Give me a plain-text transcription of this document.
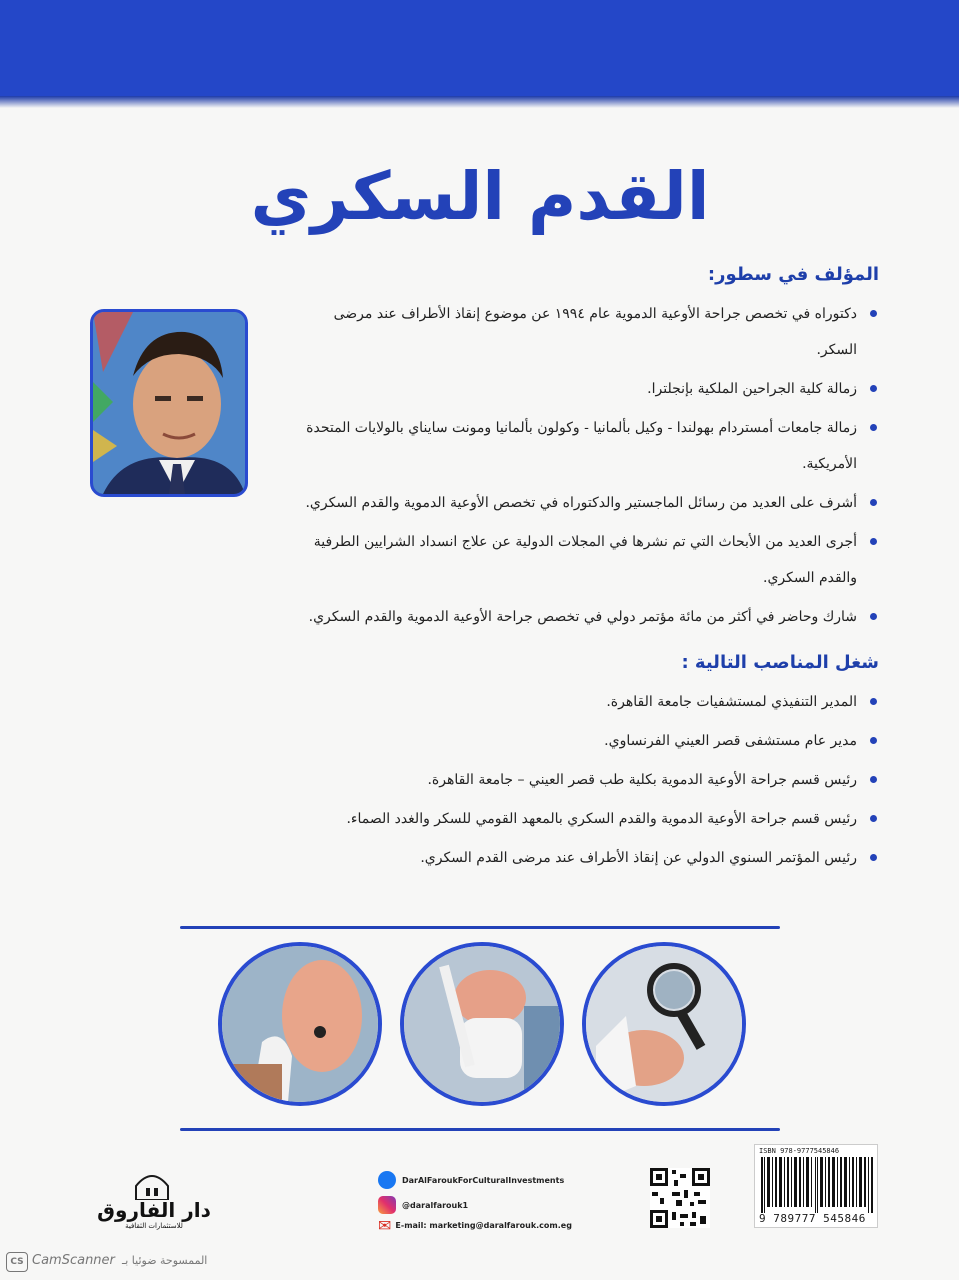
القدم السكري
المؤلف في سطور:
دكتوراه في تخصص جراحة الأوعية الدموية عام ١٩٩٤ عن موضوع إنقاذ الأطراف عند مرضى السكر.
زمالة كلية الجراحين الملكية بإنجلترا.
زمالة جامعات أمستردام بهولندا - وكيل بألمانيا - وكولون بألمانيا ومونت سايناي بالولايات المتحدة الأمريكية.
أشرف على العديد من رسائل الماجستير والدكتوراه في تخصص الأوعية الدموية والقدم السكري.
أجرى العديد من الأبحاث التي تم نشرها في المجلات الدولية عن علاج انسداد الشرايين الطرفية والقدم السكري.
شارك وحاضر في أكثر من مائة مؤتمر دولي في تخصص جراحة الأوعية الدموية والقدم السكري.
شغل المناصب التالية :
المدير التنفيذي لمستشفيات جامعة القاهرة.
مدير عام مستشفى قصر العيني الفرنساوي.
رئيس قسم جراحة الأوعية الدموية بكلية طب قصر العيني – جامعة القاهرة.
رئيس قسم جراحة الأوعية الدموية والقدم السكري بالمعهد القومي للسكر والغدد الصماء.
رئيس المؤتمر السنوي الدولي عن إنقاذ الأطراف عند مرضى القدم السكري.
ISBN 978-9777545846
9 789777 545846
DarAlFaroukForCulturalInvestments
@daralfarouk1
✉ E-mail: marketing@daralfarouk.com.eg
دار الفاروق
للاستثمارات الثقافية
CS CamScanner الممسوحة ضوئيا بـ
